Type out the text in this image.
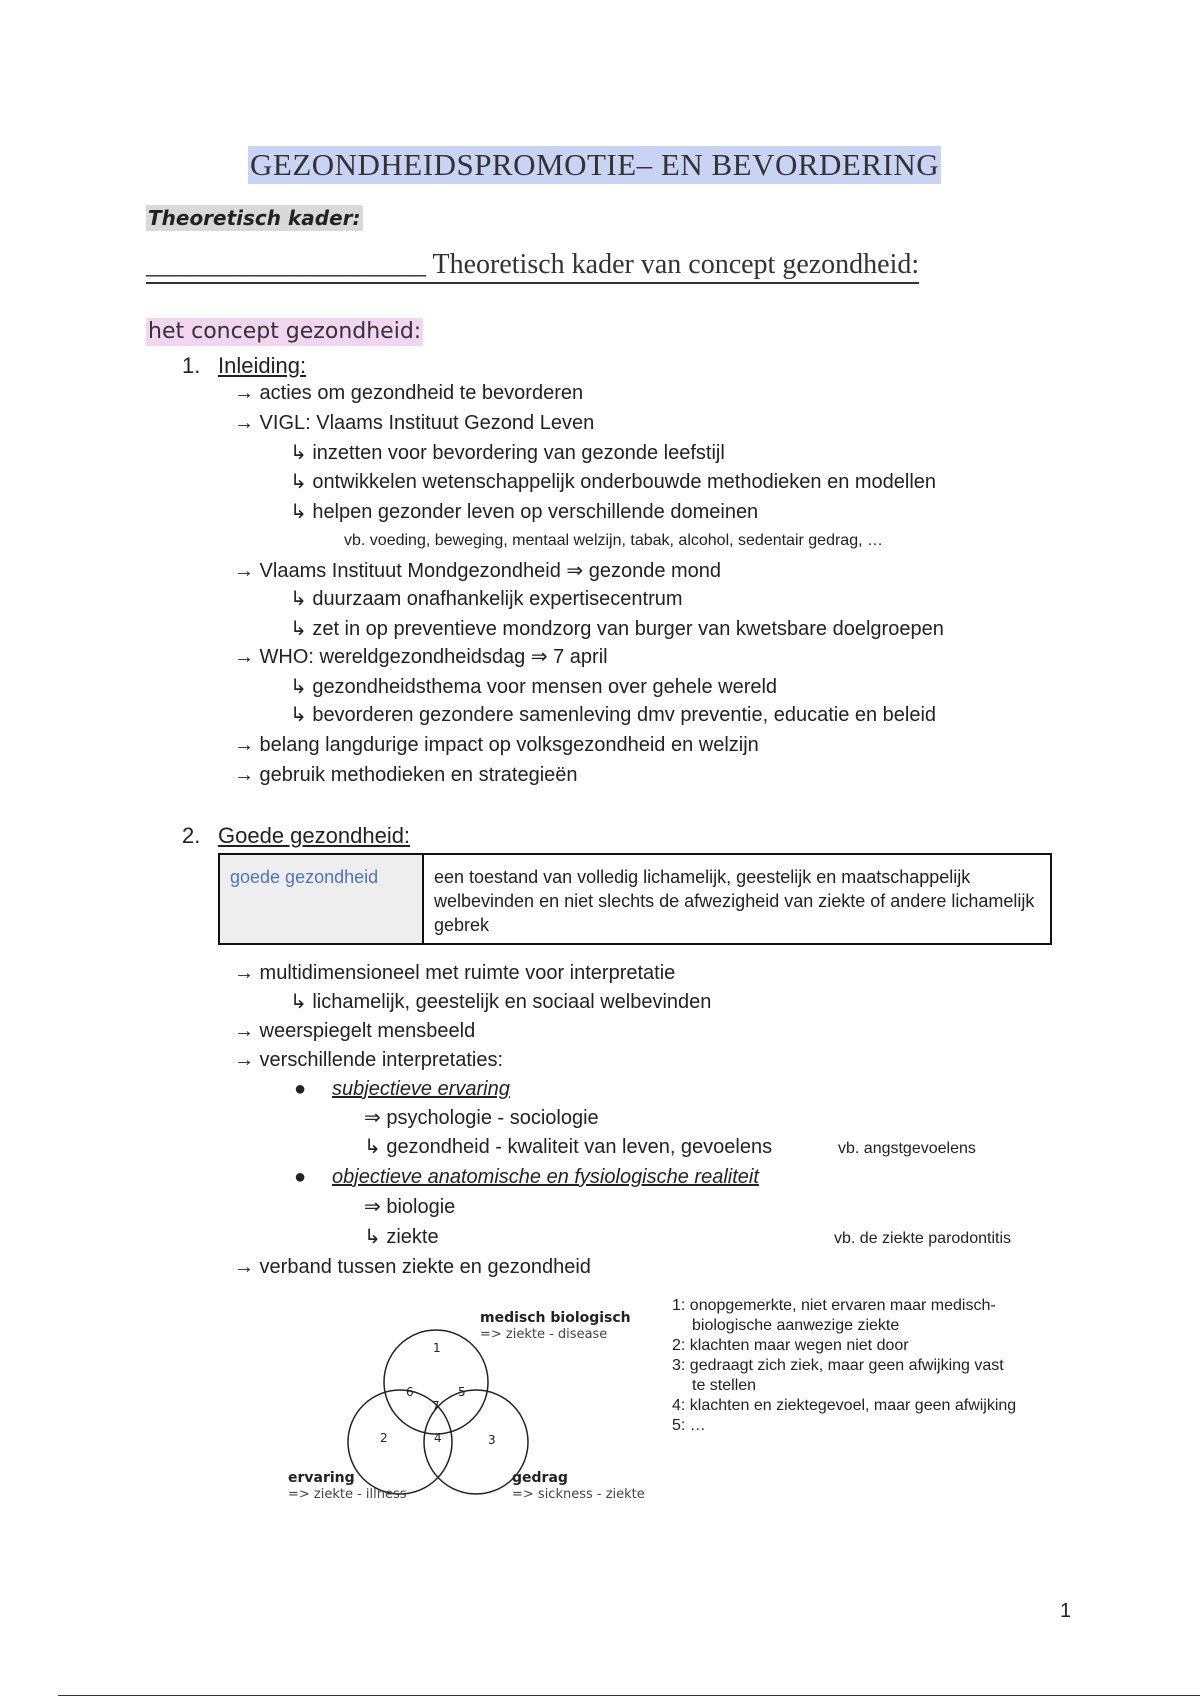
GEZONDHEIDSPROMOTIE– EN BEVORDERING
Theoretisch kader:
____________________ Theoretisch kader van concept gezondheid:
het concept gezondheid:
1. Inleiding:
→ acties om gezondheid te bevorderen
→ VIGL: Vlaams Instituut Gezond Leven
↳ inzetten voor bevordering van gezonde leefstijl
↳ ontwikkelen wetenschappelijk onderbouwde methodieken en modellen
↳ helpen gezonder leven op verschillende domeinen
vb. voeding, beweging, mentaal welzijn, tabak, alcohol, sedentair gedrag, …
→ Vlaams Instituut Mondgezondheid ⇒ gezonde mond
↳ duurzaam onafhankelijk expertisecentrum
↳ zet in op preventieve mondzorg van burger van kwetsbare doelgroepen
→ WHO: wereldgezondheidsdag ⇒ 7 april
↳ gezondheidsthema voor mensen over gehele wereld
↳ bevorderen gezondere samenleving dmv preventie, educatie en beleid
→ belang langdurige impact op volksgezondheid en welzijn
→ gebruik methodieken en strategieën
2. Goede gezondheid:
goede gezondheid	een toestand van volledig lichamelijk, geestelijk en maatschappelijk welbevinden en niet slechts de afwezigheid van ziekte of andere lichamelijk gebrek
→ multidimensioneel met ruimte voor interpretatie
↳ lichamelijk, geestelijk en sociaal welbevinden
→ weerspiegelt mensbeeld
→ verschillende interpretaties:
● subjectieve ervaring
⇒ psychologie - sociologie
↳ gezondheid - kwaliteit van leven, gevoelens	vb. angstgevoelens
● objectieve anatomische en fysiologische realiteit
⇒ biologie
↳ ziekte	vb. de ziekte parodontitis
→ verband tussen ziekte en gezondheid
1
2	3
4
5
6
7
medisch biologisch
=> ziekte - disease
ervaring
=> ziekte - illness
gedrag
=> sickness - ziekte
1: onopgemerkte, niet ervaren maar medisch-
biologische aanwezige ziekte
2: klachten maar wegen niet door
3: gedraagt zich ziek, maar geen afwijking vast
te stellen
4: klachten en ziektegevoel, maar geen afwijking
5: …
1
